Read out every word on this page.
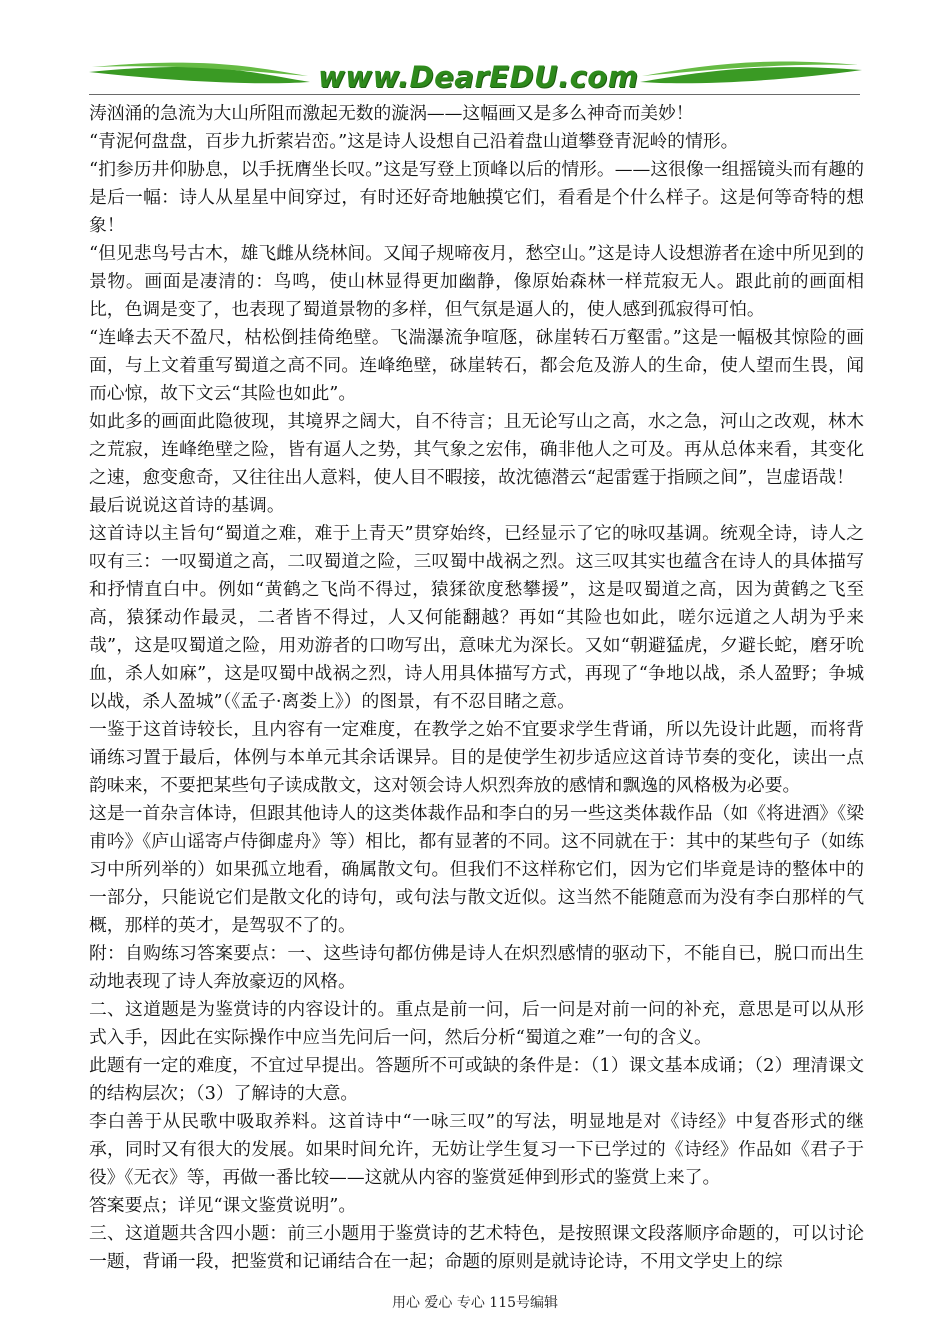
www.DearEDU.com

涛汹涌的急流为大山所阻而激起无数的漩涡——这幅画又是多么神奇而美妙！

“青泥何盘盘，百步九折萦岩峦。”这是诗人设想自己沿着盘山道攀登青泥岭的情形。

“扪参历井仰胁息，以手抚膺坐长叹。”这是写登上顶峰以后的情形。——这很像一组摇镜头而有趣的是后一幅：诗人从星星中间穿过，有时还好奇地触摸它们，看看是个什么样子。这是何等奇特的想象！

“但见悲鸟号古木，雄飞雌从绕林间。又闻子规啼夜月，愁空山。”这是诗人设想游者在途中所见到的景物。画面是凄清的：鸟鸣，使山林显得更加幽静，像原始森林一样荒寂无人。跟此前的画面相比，色调是变了，也表现了蜀道景物的多样，但气氛是逼人的，使人感到孤寂得可怕。

“连峰去天不盈尺，枯松倒挂倚绝壁。飞湍瀑流争喧豗，砯崖转石万壑雷。”这是一幅极其惊险的画面，与上文着重写蜀道之高不同。连峰绝壁，砯崖转石，都会危及游人的生命，使人望而生畏，闻而心惊，故下文云“其险也如此”。

如此多的画面此隐彼现，其境界之阔大，自不待言；且无论写山之高，水之急，河山之改观，林木之荒寂，连峰绝壁之险，皆有逼人之势，其气象之宏伟，确非他人之可及。再从总体来看，其变化之速，愈变愈奇，又往往出人意料，使人目不暇接，故沈德潜云“起雷霆于指顾之间”，岂虚语哉！

最后说说这首诗的基调。

这首诗以主旨句“蜀道之难，难于上青天”贯穿始终，已经显示了它的咏叹基调。统观全诗，诗人之叹有三：一叹蜀道之高，二叹蜀道之险，三叹蜀中战祸之烈。这三叹其实也蕴含在诗人的具体描写和抒情直白中。例如“黄鹤之飞尚不得过，猿猱欲度愁攀援”，这是叹蜀道之高，因为黄鹤之飞至高，猿猱动作最灵，二者皆不得过，人又何能翻越？再如“其险也如此，嗟尔远道之人胡为乎来哉”，这是叹蜀道之险，用劝游者的口吻写出，意味尤为深长。又如“朝避猛虎，夕避长蛇，磨牙吮血，杀人如麻”，这是叹蜀中战祸之烈，诗人用具体描写方式，再现了“争地以战，杀人盈野；争城以战，杀人盈城”（《孟子·离娄上》）的图景，有不忍目睹之意。

一鉴于这首诗较长，且内容有一定难度，在教学之始不宜要求学生背诵，所以先设计此题，而将背诵练习置于最后，体例与本单元其余话课异。目的是使学生初步适应这首诗节奏的变化，读出一点韵味来，不要把某些句子读成散文，这对领会诗人炽烈奔放的感情和飘逸的风格极为必要。

这是一首杂言体诗，但跟其他诗人的这类体裁作品和李白的另一些这类体裁作品（如《将进酒》《梁甫吟》《庐山谣寄卢侍御虚舟》等）相比，都有显著的不同。这不同就在于：其中的某些句子（如练习中所列举的）如果孤立地看，确属散文句。但我们不这样称它们，因为它们毕竟是诗的整体中的一部分，只能说它们是散文化的诗句，或句法与散文近似。这当然不能随意而为没有李白那样的气概，那样的英才，是驾驭不了的。

附：自购练习答案要点：一、这些诗句都仿佛是诗人在炽烈感情的驱动下，不能自已，脱口而出生动地表现了诗人奔放豪迈的风格。

二、这道题是为鉴赏诗的内容设计的。重点是前一问，后一问是对前一问的补充，意思是可以从形式入手，因此在实际操作中应当先问后一问，然后分析“蜀道之难”一句的含义。

此题有一定的难度，不宜过早提出。答题所不可或缺的条件是：（1）课文基本成诵；（2）理清课文的结构层次；（3）了解诗的大意。

李白善于从民歌中吸取养料。这首诗中“一咏三叹”的写法，明显地是对《诗经》中复沓形式的继承，同时又有很大的发展。如果时间允许，无妨让学生复习一下已学过的《诗经》作品如《君子于役》《无衣》等，再做一番比较——这就从内容的鉴赏延伸到形式的鉴赏上来了。

答案要点；详见“课文鉴赏说明”。

三、这道题共含四小题：前三小题用于鉴赏诗的艺术特色，是按照课文段落顺序命题的，可以讨论一题，背诵一段，把鉴赏和记诵结合在一起；命题的原则是就诗论诗，不用文学史上的综

用心 爱心 专心 115号编辑
